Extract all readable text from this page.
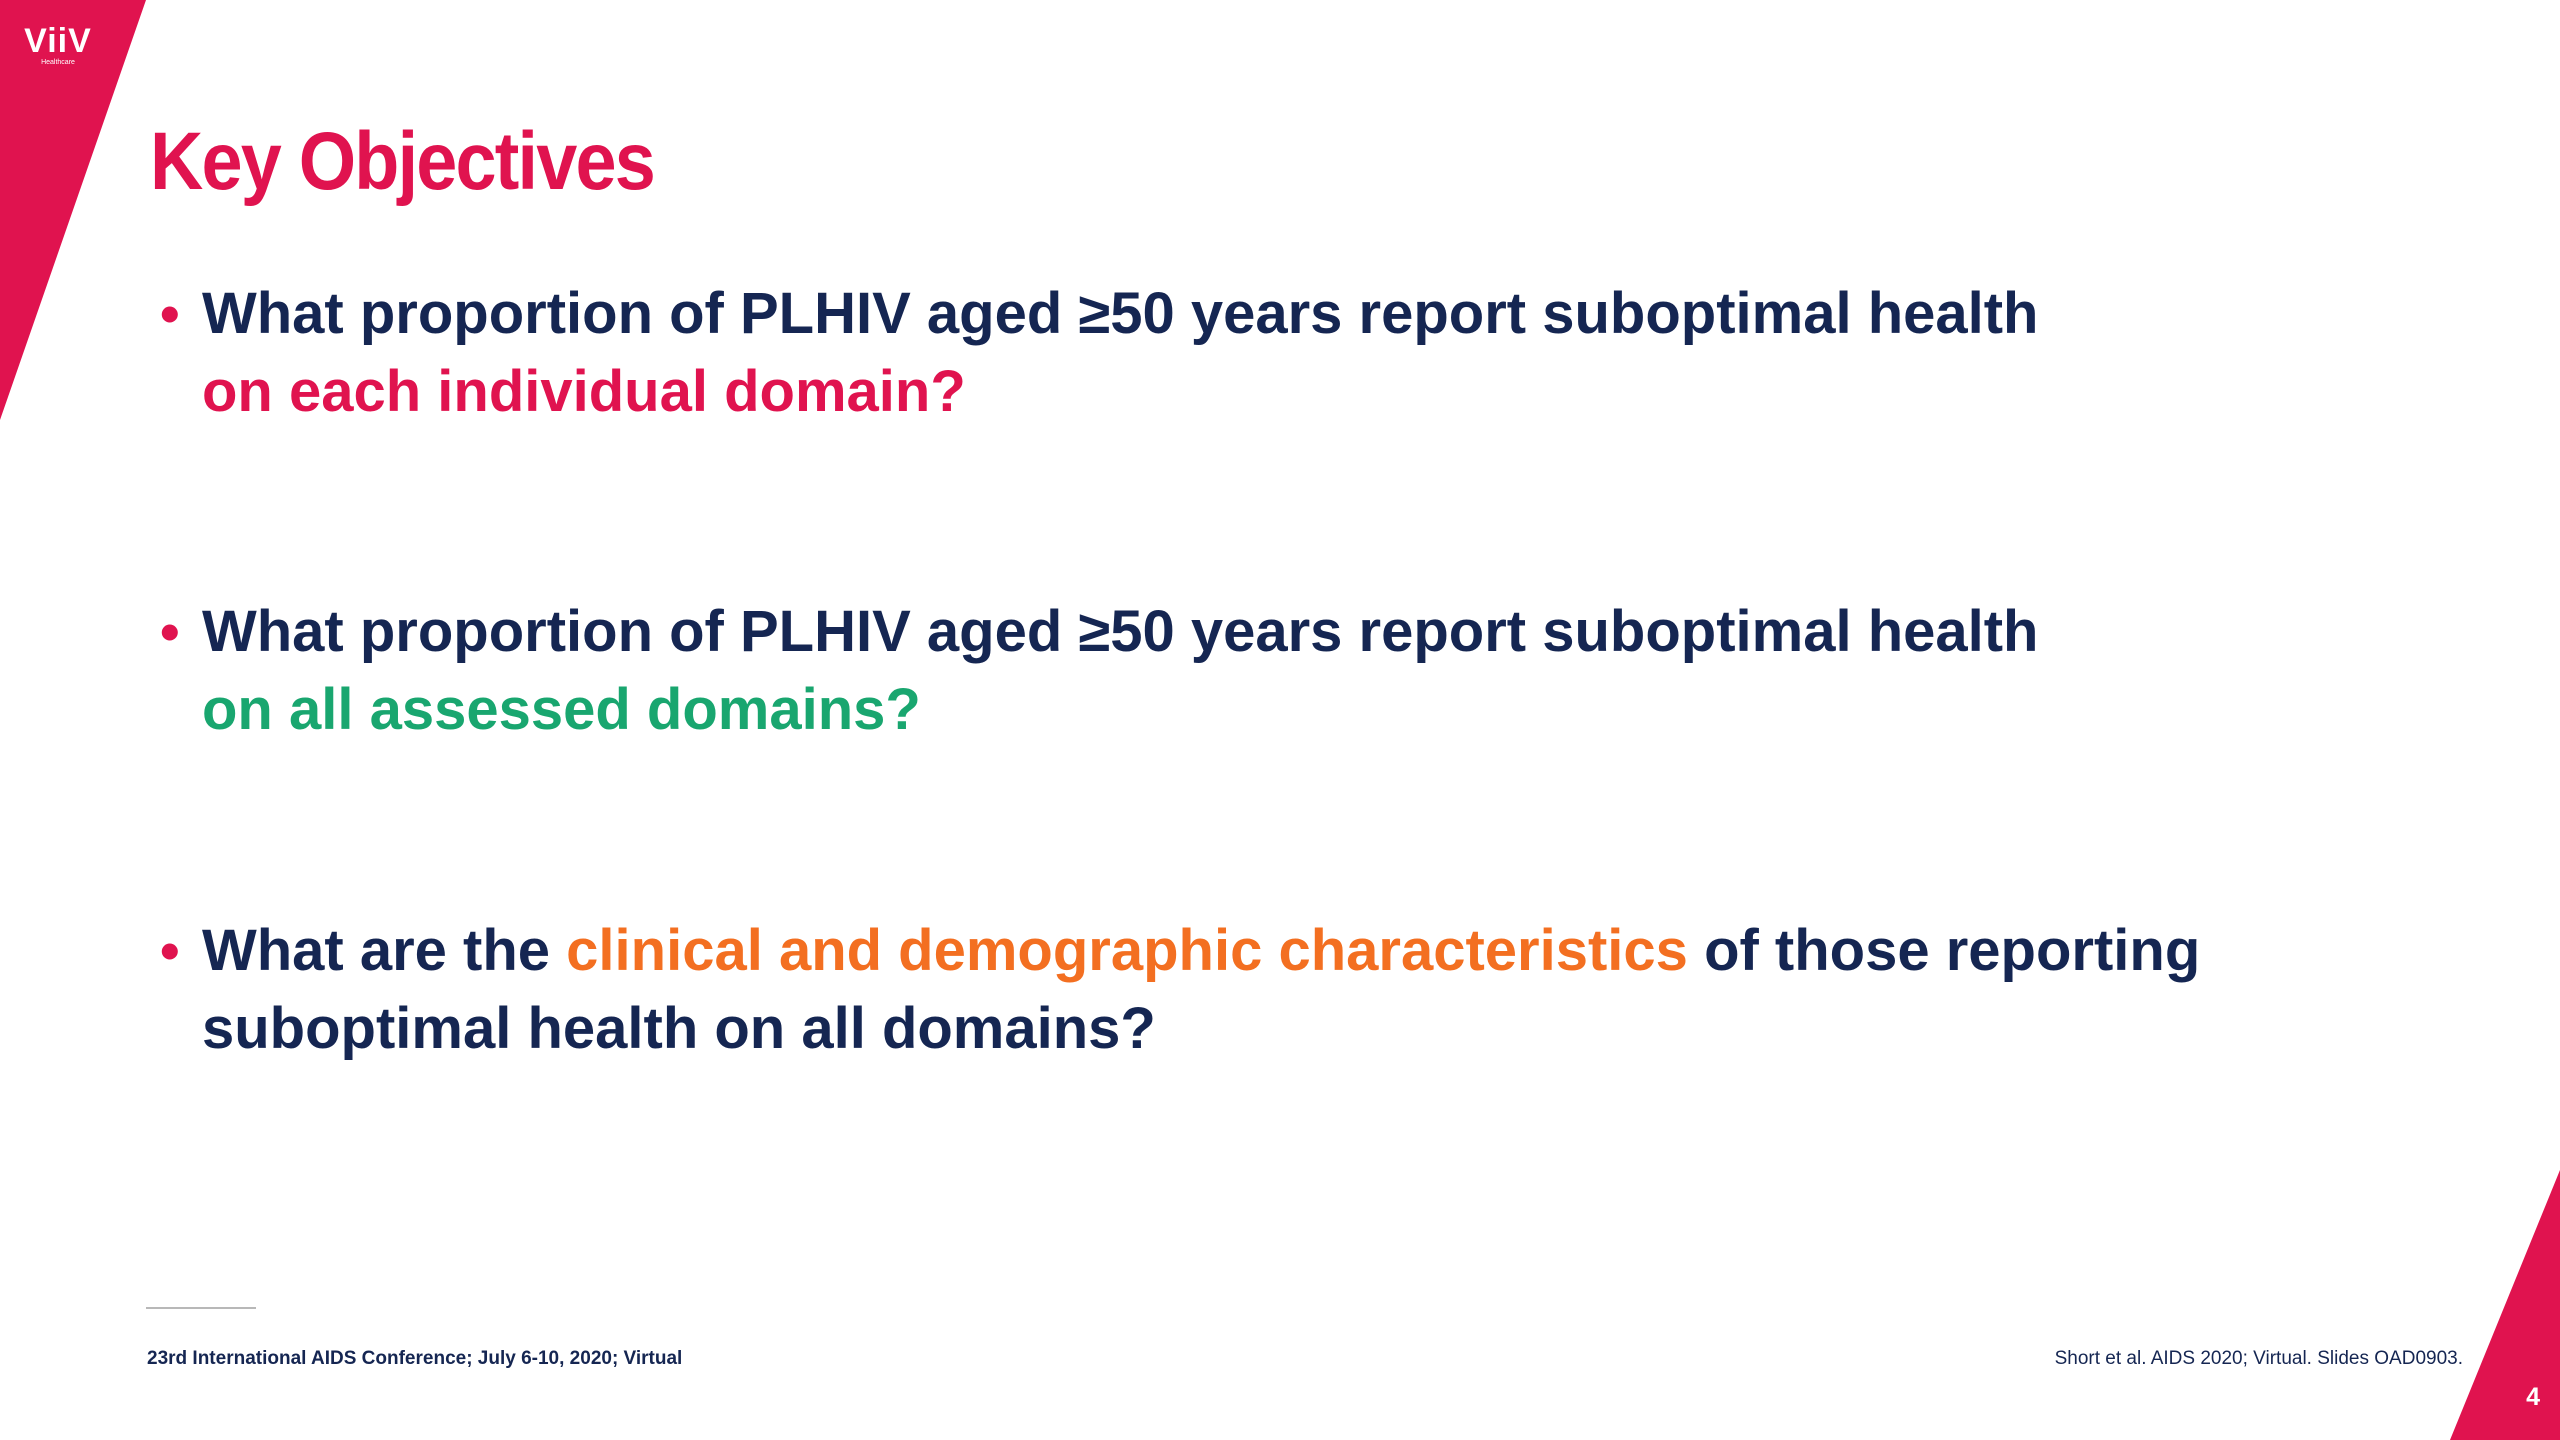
ViiV
Healthcare
Key Objectives
• What proportion of PLHIV aged ≥50 years report suboptimal health
on each individual domain?
• What proportion of PLHIV aged ≥50 years report suboptimal health
on all assessed domains?
• What are the clinical and demographic characteristics of those reporting
suboptimal health on all domains?
23rd International AIDS Conference; July 6-10, 2020; Virtual	Short et al. AIDS 2020; Virtual. Slides OAD0903.
4
